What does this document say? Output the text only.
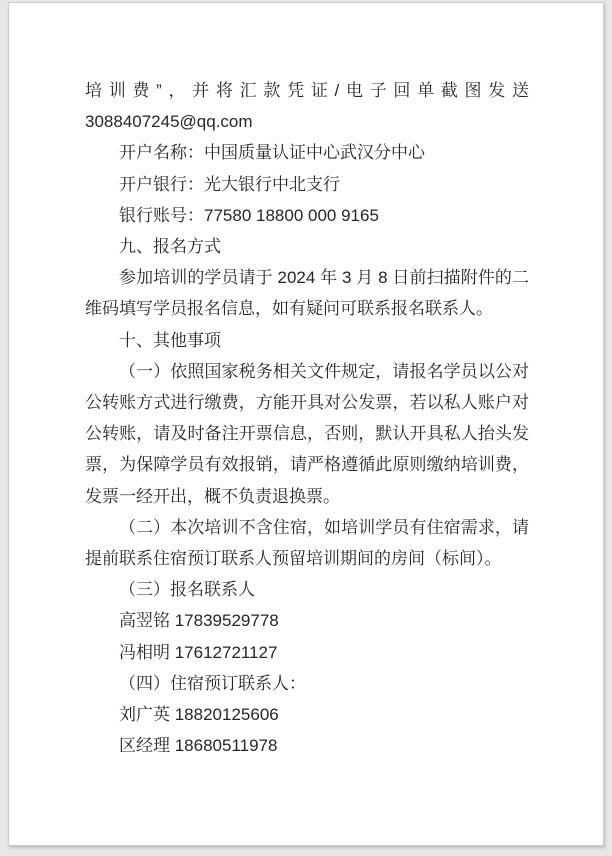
培训费”，并将汇款凭证/电子回单截图发送3088407245@qq.com

开户名称：中国质量认证中心武汉分中心

开户银行：光大银行中北支行

银行账号：77580 18800 000 9165

九、报名方式

参加培训的学员请于 2024 年 3 月 8 日前扫描附件的二维码填写学员报名信息，如有疑问可联系报名联系人。

十、其他事项

（一）依照国家税务相关文件规定，请报名学员以公对公转账方式进行缴费，方能开具对公发票，若以私人账户对公转账，请及时备注开票信息，否则，默认开具私人抬头发票，为保障学员有效报销，请严格遵循此原则缴纳培训费，发票一经开出，概不负责退换票。

（二）本次培训不含住宿，如培训学员有住宿需求，请提前联系住宿预订联系人预留培训期间的房间（标间）。

（三）报名联系人

高翌铭 17839529778

冯相明 17612721127

（四）住宿预订联系人：

刘广英 18820125606

区经理 18680511978
